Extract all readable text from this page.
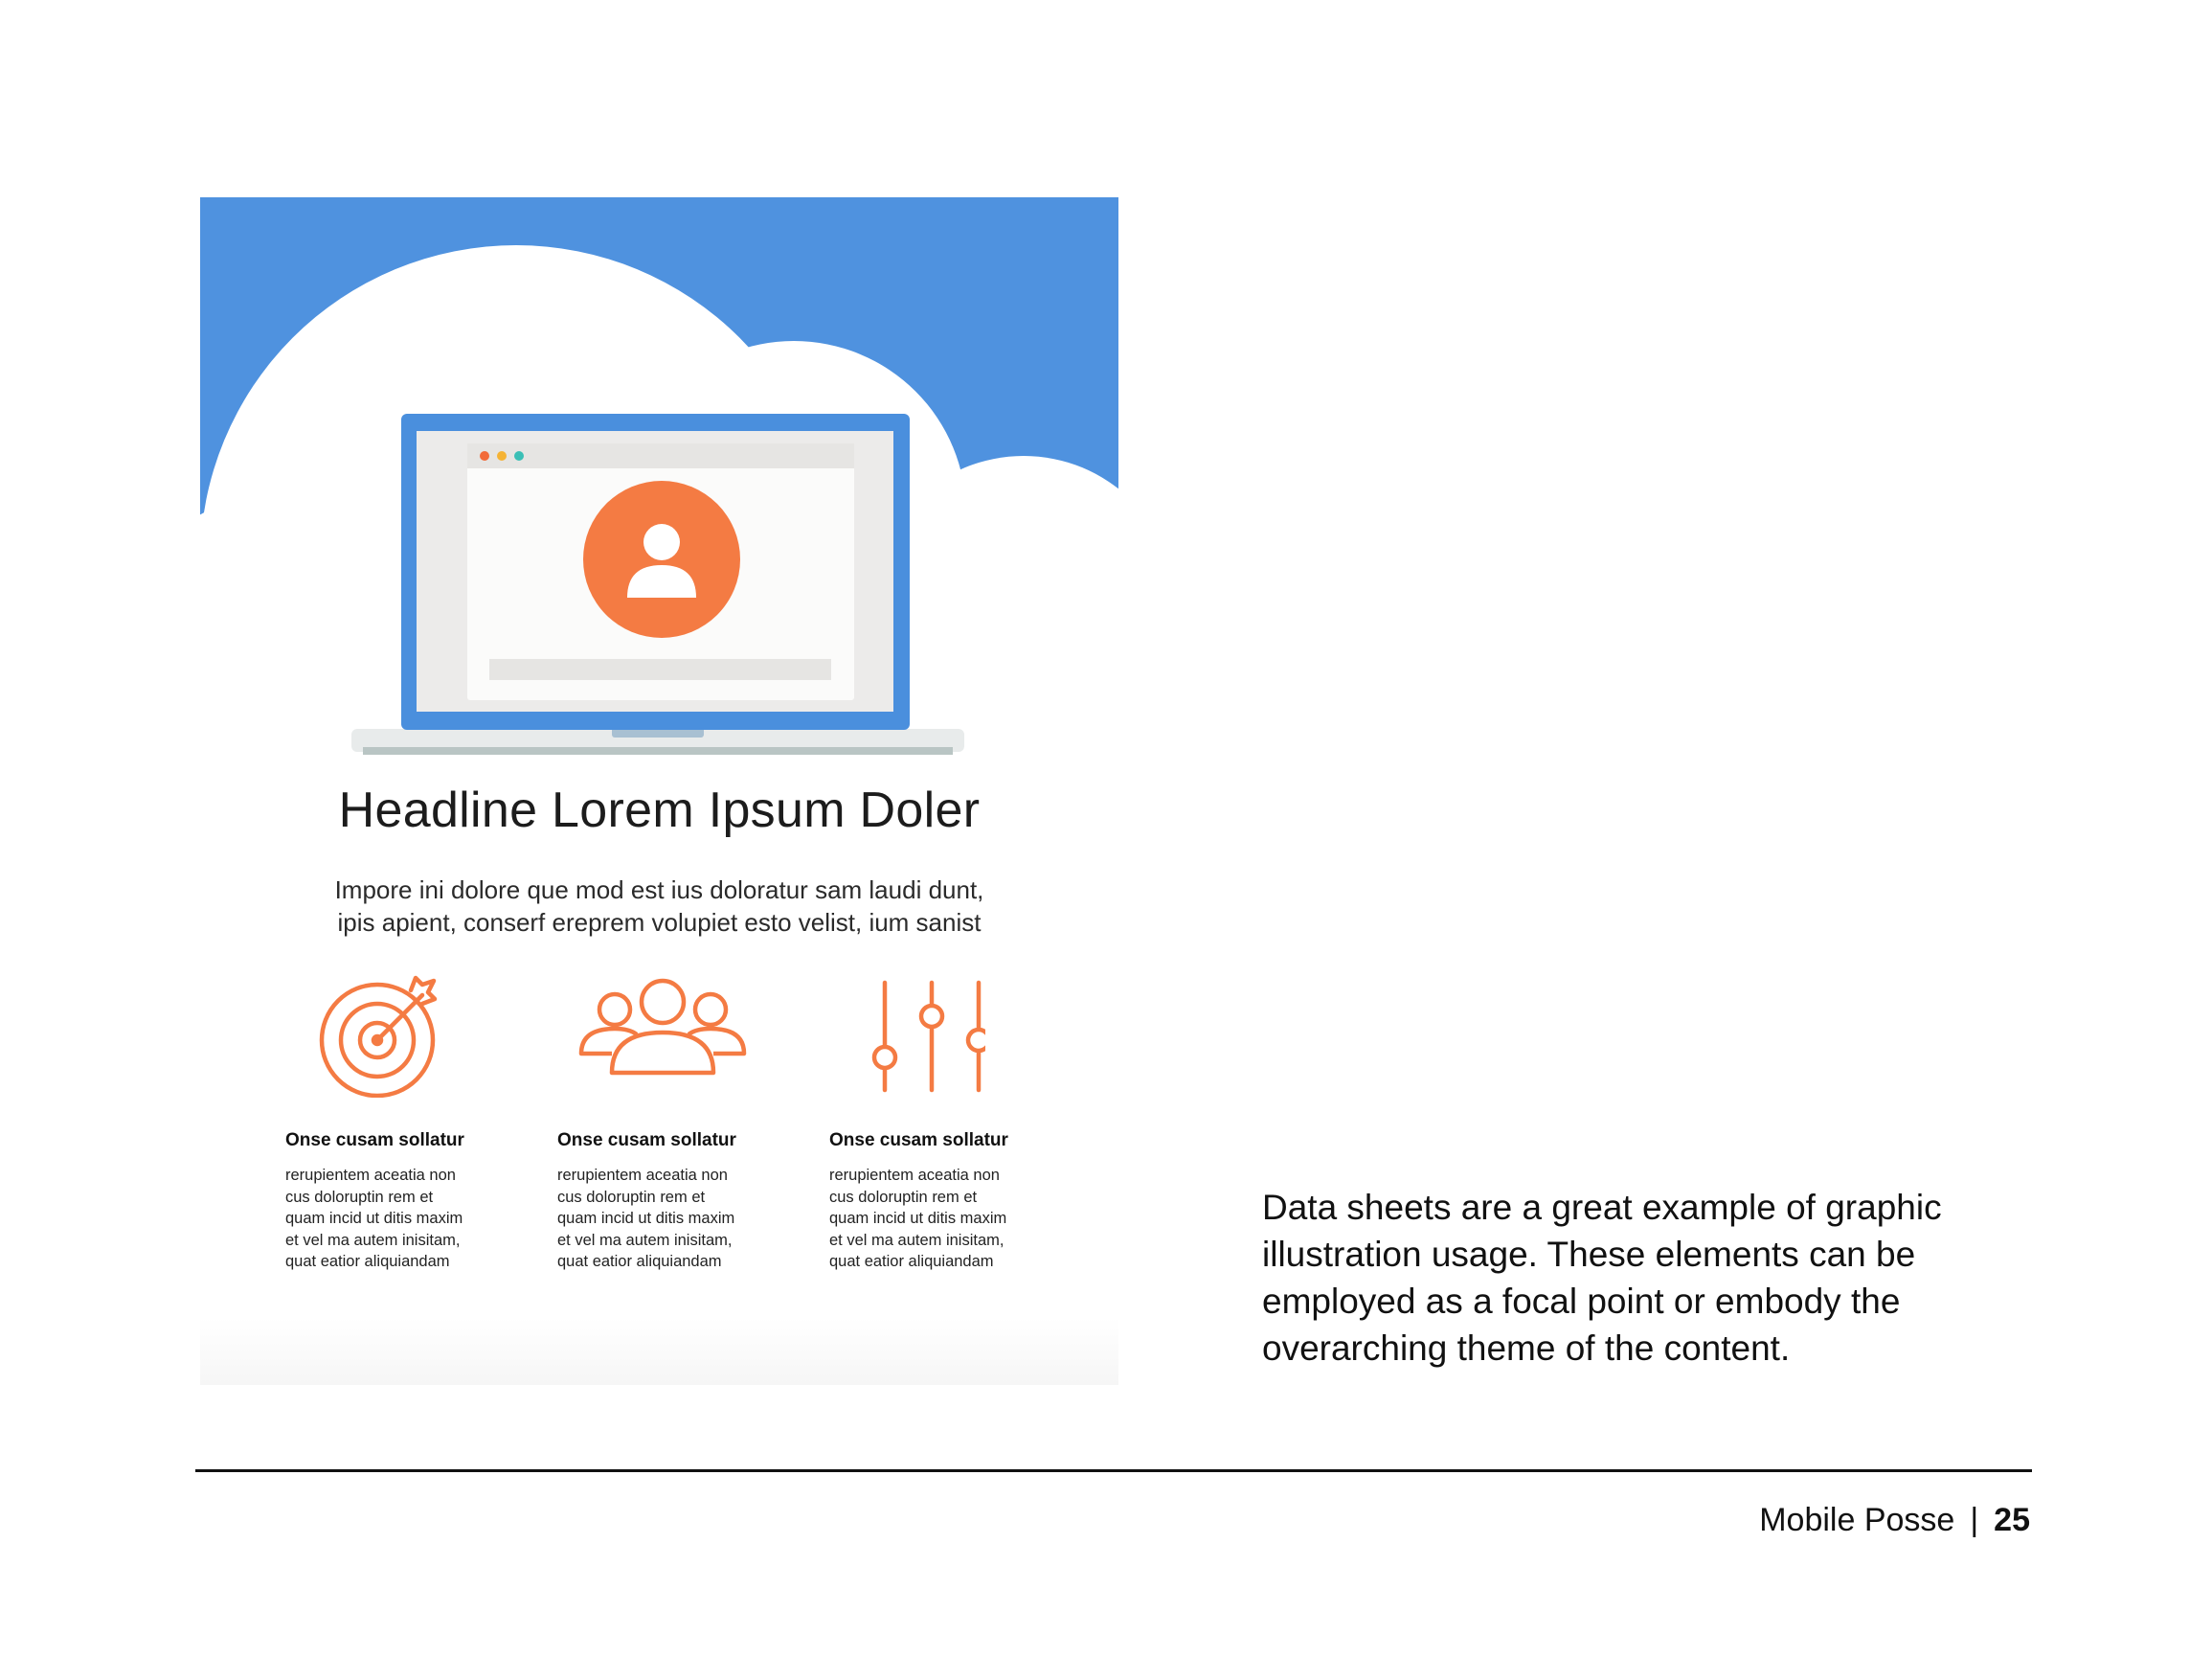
Headline Lorem Ipsum Doler
Impore ini dolore que mod est ius doloratur sam laudi dunt,
ipis apient, conserf ereprem volupiet esto velist, ium sanist
Onse cusam sollatur
rerupientem aceatia non
cus doloruptin rem et
quam incid ut ditis maxim
et vel ma autem inisitam,
quat eatior aliquiandam
Onse cusam sollatur
rerupientem aceatia non
cus doloruptin rem et
quam incid ut ditis maxim
et vel ma autem inisitam,
quat eatior aliquiandam
Onse cusam sollatur
rerupientem aceatia non
cus doloruptin rem et
quam incid ut ditis maxim
et vel ma autem inisitam,
quat eatior aliquiandam
Data sheets are a great example of graphic
illustration usage. These elements can be
employed as a focal point or embody the
overarching theme of the content.
Mobile Posse | 25
